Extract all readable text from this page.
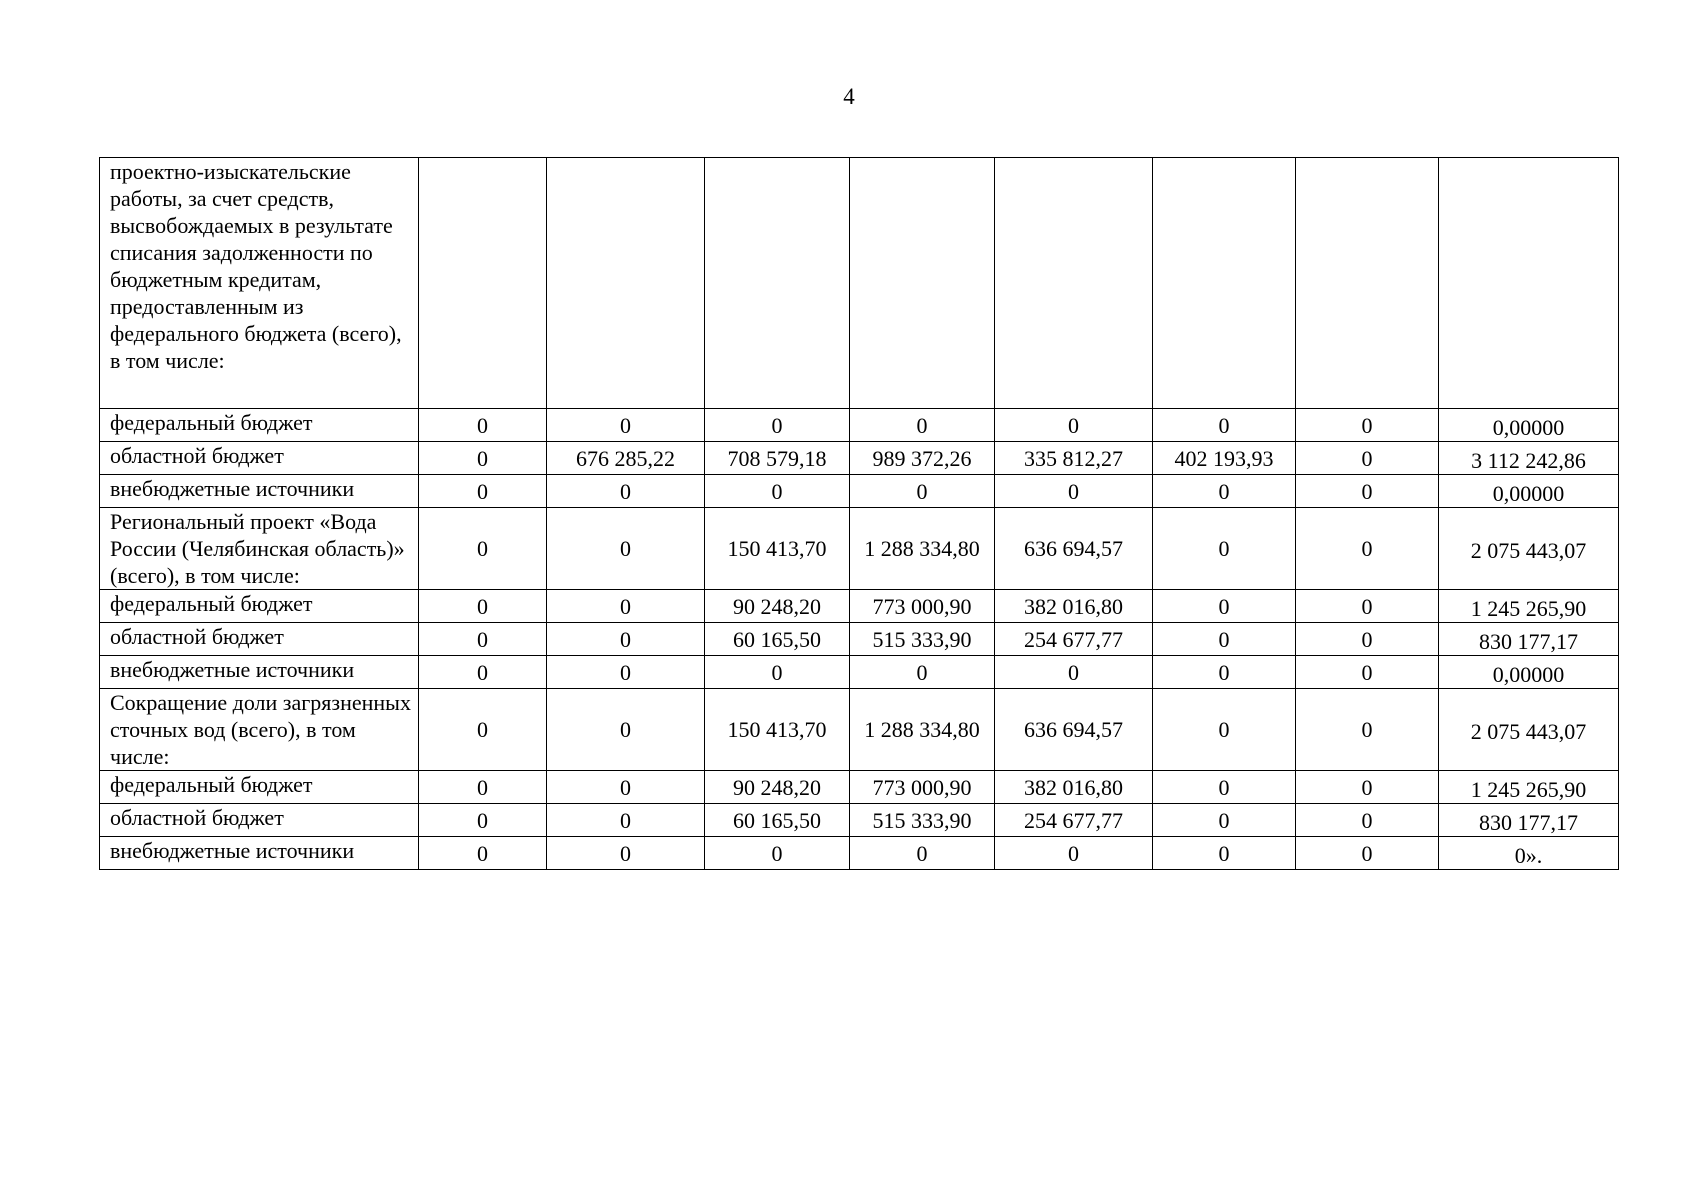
4
проектно-изыскательские работы, за счет средств, высвобождаемых в результате списания задолженности по бюджетным кредитам, предоставленным из федерального бюджета (всего), в том числе:								
федеральный бюджет	0	0	0	0	0	0	0	0,00000
областной бюджет	0	676 285,22	708 579,18	989 372,26	335 812,27	402 193,93	0	3 112 242,86
внебюджетные источники	0	0	0	0	0	0	0	0,00000
Региональный проект «Вода России (Челябинская область)» (всего), в том числе:	0	0	150 413,70	1 288 334,80	636 694,57	0	0	2 075 443,07
федеральный бюджет	0	0	90 248,20	773 000,90	382 016,80	0	0	1 245 265,90
областной бюджет	0	0	60 165,50	515 333,90	254 677,77	0	0	830 177,17
внебюджетные источники	0	0	0	0	0	0	0	0,00000
Сокращение доли загрязненных сточных вод (всего), в том числе:	0	0	150 413,70	1 288 334,80	636 694,57	0	0	2 075 443,07
федеральный бюджет	0	0	90 248,20	773 000,90	382 016,80	0	0	1 245 265,90
областной бюджет	0	0	60 165,50	515 333,90	254 677,77	0	0	830 177,17
внебюджетные источники	0	0	0	0	0	0	0	0».
